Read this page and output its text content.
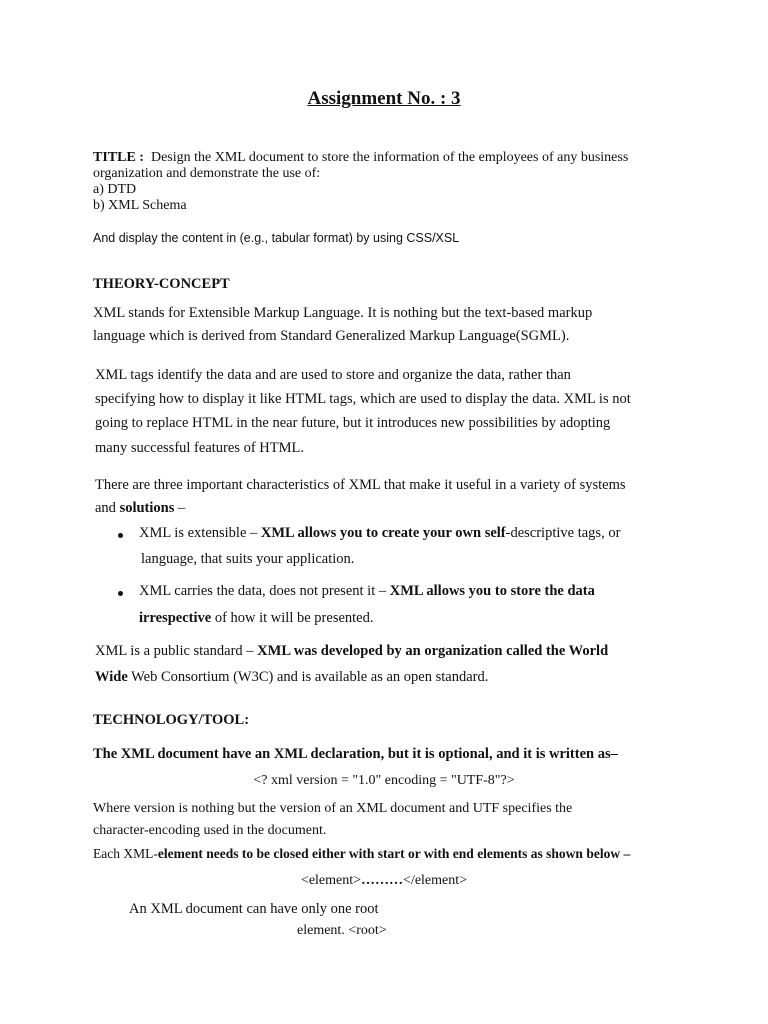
Assignment No. : 3
TITLE : Design the XML document to store the information of the employees of any business
organization and demonstrate the use of:
a) DTD
b) XML Schema
And display the content in (e.g., tabular format) by using CSS/XSL
THEORY-CONCEPT
XML stands for Extensible Markup Language. It is nothing but the text-based markup
language which is derived from Standard Generalized Markup Language(SGML).
XML tags identify the data and are used to store and organize the data, rather than
specifying how to display it like HTML tags, which are used to display the data. XML is not
going to replace HTML in the near future, but it introduces new possibilities by adopting
many successful features of HTML.
There are three important characteristics of XML that make it useful in a variety of systems
and solutions –
XML is extensible – XML allows you to create your own self-descriptive tags, or
language, that suits your application.
XML carries the data, does not present it – XML allows you to store the data
irrespective of how it will be presented.
XML is a public standard – XML was developed by an organization called the World
Wide Web Consortium (W3C) and is available as an open standard.
TECHNOLOGY/TOOL:
The XML document have an XML declaration, but it is optional, and it is written as–
<? xml version = "1.0" encoding = "UTF-8"?>
Where version is nothing but the version of an XML document and UTF specifies the
character-encoding used in the document.
Each XML-element needs to be closed either with start or with end elements as shown below –
<element>………</element>
An XML document can have only one root
element. <root>
